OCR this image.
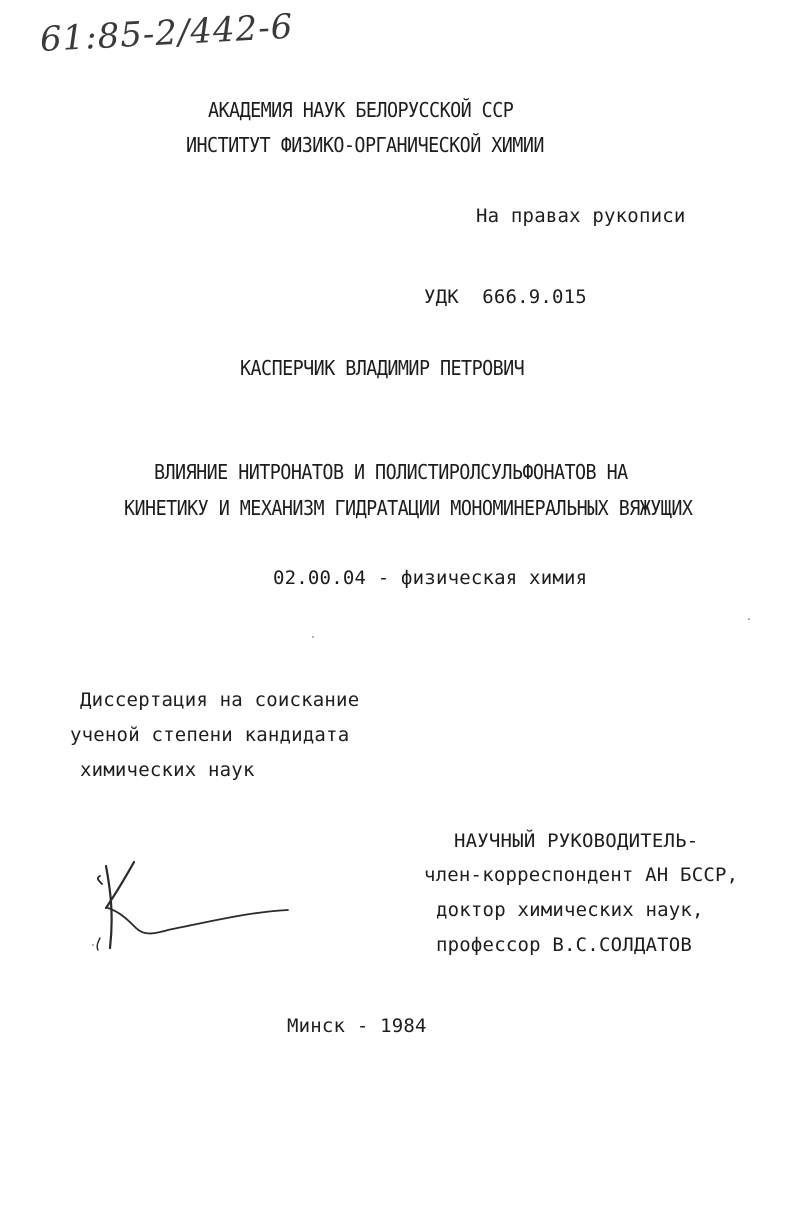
61:85-2/442-6
АКАДЕМИЯ НАУК БЕЛОРУССКОЙ ССР
ИНСТИТУТ ФИЗИКО-ОРГАНИЧЕСКОЙ ХИМИИ
На правах рукописи
УДК  666.9.015
КАСПЕРЧИК ВЛАДИМИР ПЕТРОВИЧ
ВЛИЯНИЕ НИТРОНАТОВ И ПОЛИСТИРОЛСУЛЬФОНАТОВ НА
КИНЕТИКУ И МЕХАНИЗМ ГИДРАТАЦИИ МОНОМИНЕРАЛЬНЫХ ВЯЖУЩИХ
02.00.04 - физическая химия
Диссертация на соискание
ученой степени кандидата
химических наук
НАУЧНЫЙ РУКОВОДИТЕЛЬ-
член-корреспондент АН БССР,
доктор химических наук,
профессор В.С.СОЛДАТОВ
Минск - 1984
